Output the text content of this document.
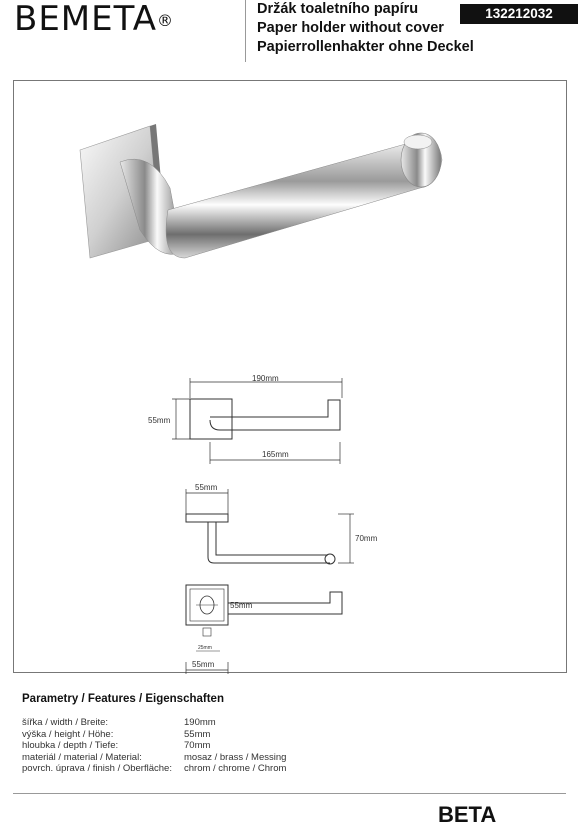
BEMETA®
Držák toaletního papíru
Paper holder without cover
Papierrollenhakter ohne Deckel
132212032
190mm
55mm
165mm
55mm
70mm
55mm
25mm
55mm
Parametry / Features / Eigenschaften
šířka / width / Breite:	190mm
výška / height / Höhe:	55mm
hloubka / depth / Tiefe:	70mm
materiál / material / Material:	mosaz / brass / Messing
povrch. úprava / finish / Oberfläche:	chrom / chrome / Chrom
BETA
